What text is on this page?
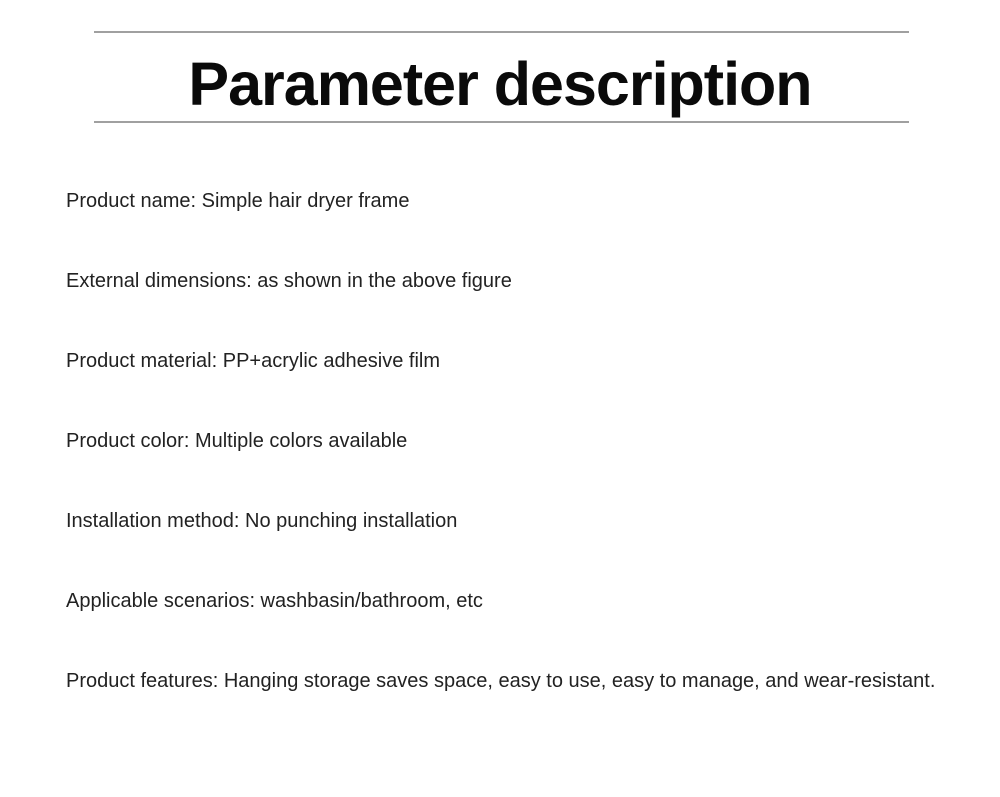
Parameter description
Product name: Simple hair dryer frame
External dimensions: as shown in the above figure
Product material: PP+acrylic adhesive film
Product color: Multiple colors available
Installation method: No punching installation
Applicable scenarios: washbasin/bathroom, etc
Product features: Hanging storage saves space, easy to use, easy to manage, and wear-resistant.
